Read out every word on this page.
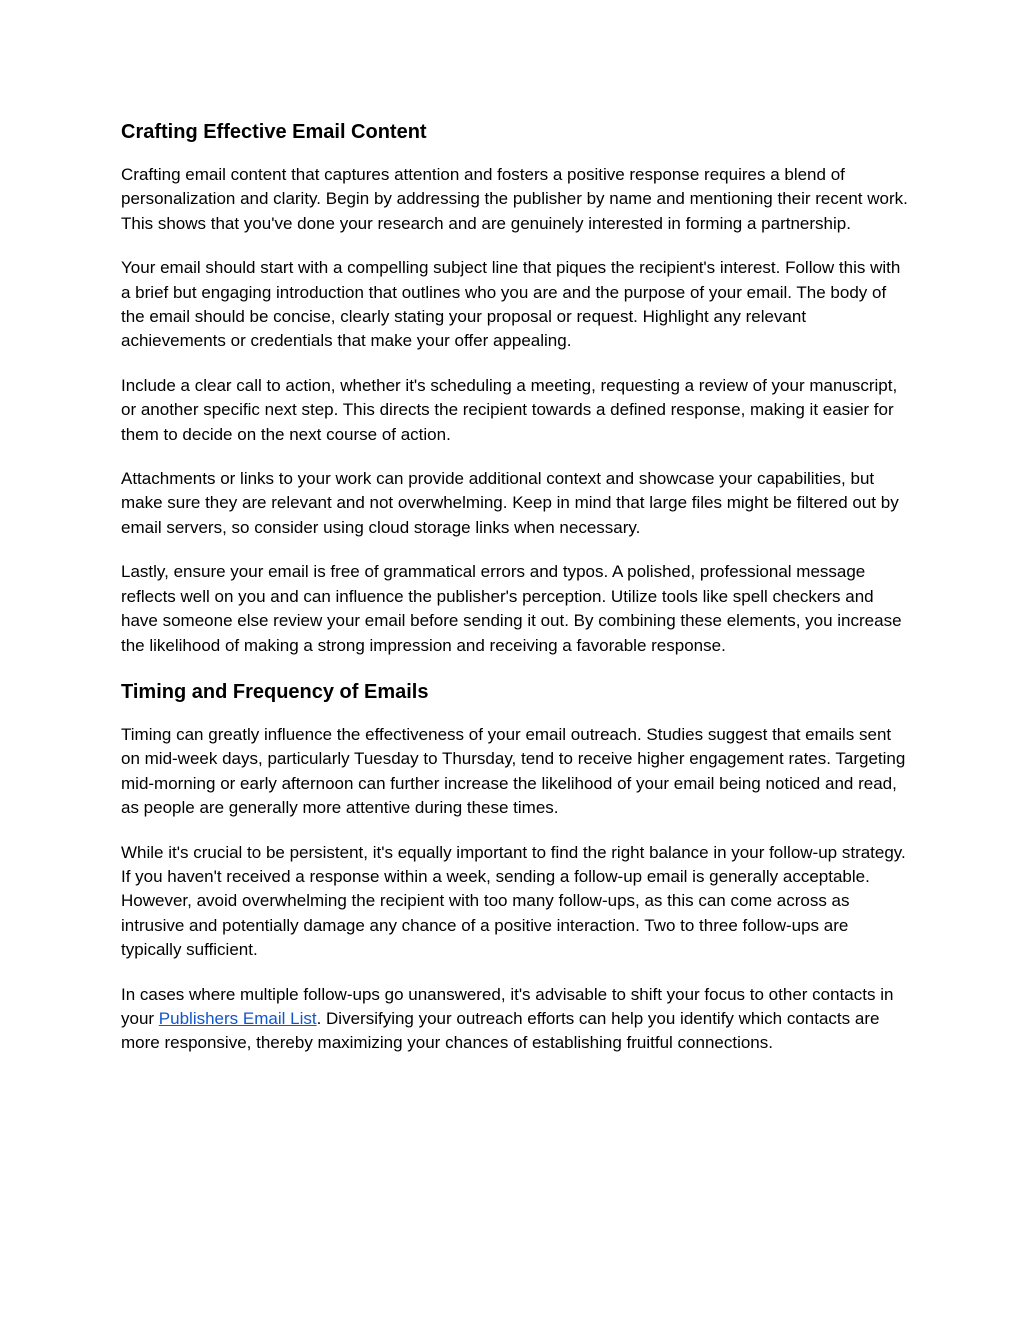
Crafting Effective Email Content

Crafting email content that captures attention and fosters a positive response requires a blend of personalization and clarity. Begin by addressing the publisher by name and mentioning their recent work. This shows that you've done your research and are genuinely interested in forming a partnership.

Your email should start with a compelling subject line that piques the recipient's interest. Follow this with a brief but engaging introduction that outlines who you are and the purpose of your email. The body of the email should be concise, clearly stating your proposal or request. Highlight any relevant achievements or credentials that make your offer appealing.

Include a clear call to action, whether it's scheduling a meeting, requesting a review of your manuscript, or another specific next step. This directs the recipient towards a defined response, making it easier for them to decide on the next course of action.

Attachments or links to your work can provide additional context and showcase your capabilities, but make sure they are relevant and not overwhelming. Keep in mind that large files might be filtered out by email servers, so consider using cloud storage links when necessary.

Lastly, ensure your email is free of grammatical errors and typos. A polished, professional message reflects well on you and can influence the publisher's perception. Utilize tools like spell checkers and have someone else review your email before sending it out. By combining these elements, you increase the likelihood of making a strong impression and receiving a favorable response.

Timing and Frequency of Emails

Timing can greatly influence the effectiveness of your email outreach. Studies suggest that emails sent on mid-week days, particularly Tuesday to Thursday, tend to receive higher engagement rates. Targeting mid-morning or early afternoon can further increase the likelihood of your email being noticed and read, as people are generally more attentive during these times.

While it's crucial to be persistent, it's equally important to find the right balance in your follow-up strategy. If you haven't received a response within a week, sending a follow-up email is generally acceptable. However, avoid overwhelming the recipient with too many follow-ups, as this can come across as intrusive and potentially damage any chance of a positive interaction. Two to three follow-ups are typically sufficient.

In cases where multiple follow-ups go unanswered, it's advisable to shift your focus to other contacts in your Publishers Email List. Diversifying your outreach efforts can help you identify which contacts are more responsive, thereby maximizing your chances of establishing fruitful connections.
